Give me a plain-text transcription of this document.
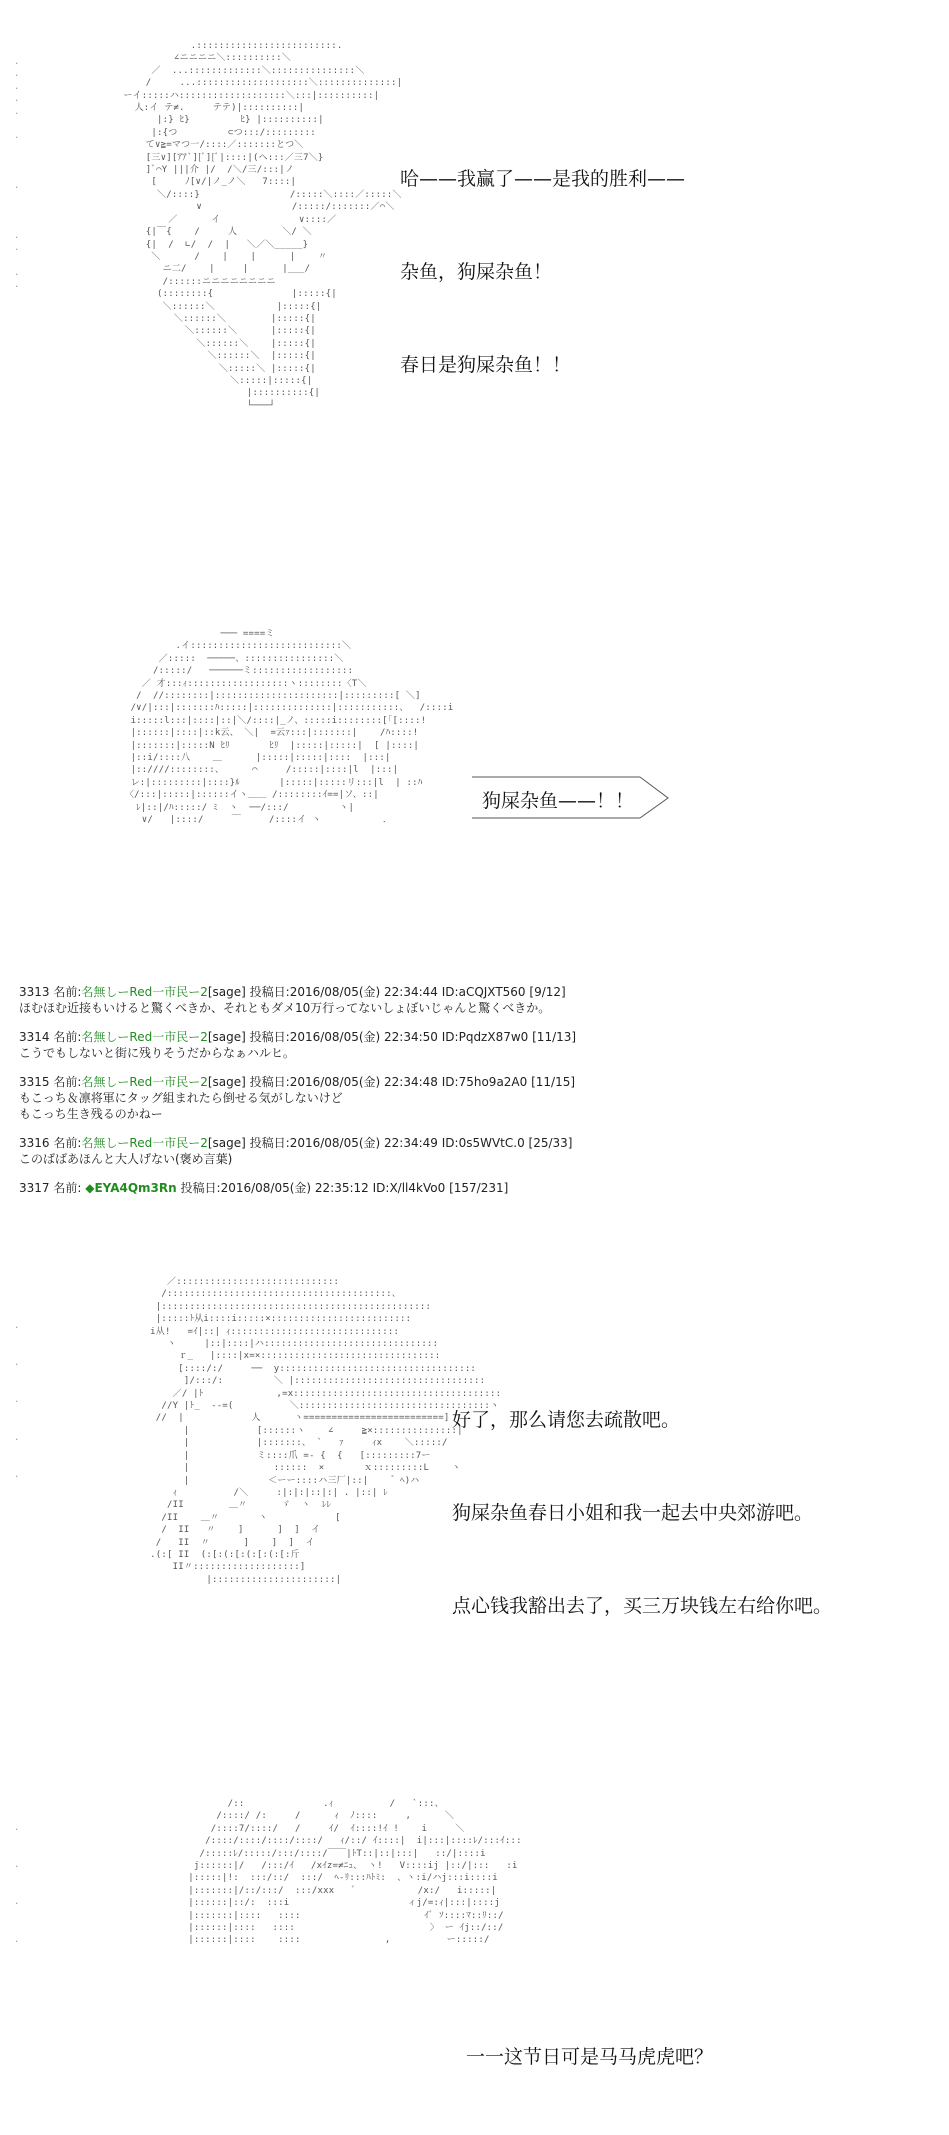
.
.
.
.
.

.

.

.
.

.
.
.:::::::::::::::::::::::::.
∠ニニニニ＼::::::::::＼
／  ...:::::::::::::＼:::::::::::::::＼
/     ...::::::::::::::::::::＼::::::::::::::|
ーイ:::::ハ:::::::::::::::::::＼:::|::::::::::|
人:イ テ≠.     テテ)|::::::::::|
|:} ﾋ}         ﾋ} |::::::::::|
|:{つ         ⊂つ:::/:::::::::
て∨≧=マつ一/::::／:::::::とつ＼
[三∨][ｱｱ`][ﾞ][ﾞ|::::|(ヘ:::／三7＼}
]ﾞ⌒Y |||介 |/  /＼/三/:::|ノ
[     ﾉ[∨/|ノ_ノ＼   7::::|
＼/::::}                /:::::＼::::／:::::＼
∨                /:::::/:::::::／⌒＼
／      イ              ∨::::／
{|￣{    /     人        ＼/ ＼
{|  /  ∟/  /  |   ＼／＼_____}
＼      /    |    |      |    〃
ニ二/    |     |      |___/
/::::::ニニニニニニニニ
(::::::::{              |:::::{|
＼::::::＼           |:::::{|
＼::::::＼        |:::::{|
＼::::::＼      |:::::{|
＼::::::＼    |:::::{|
＼::::::＼  |:::::{|
＼:::::＼ |:::::{|
＼:::::|:::::{|
|::::::::::{|
└───┘

哈——我赢了——是我的胜利——

杂鱼，狗屎杂鱼！

春日是狗屎杂鱼！！

─── ====ミ
.イ:::::::::::::::::::::::::::＼
／:::::  ─────、::::::::::::::::＼
/:::::/   ──────ミ::::::::::::::::::
／ 才:::ｨ::::::::::::::::::ヽ::::::::〈T＼
/  //::::::::|::::::::::::::::::::::|:::::::::[ ＼]
/∨/|:::|:::::::ﾊ:::::|::::::::::::::|:::::::::::、  /::::i
i:::::l:::|::::|::|＼/::::|_ノ、:::::i::::::::[｢[::::!
|::::::|::::|::k云、 ＼|  =云ｧ:::|:::::::|    /ﾊ::::!
|:::::::|:::::N ﾋﾘ       ﾋﾘ  |:::::|:::::|  [ |::::|
|::i/::::八    ＿      |:::::|:::::|::::  |:::|
|::////::::::::、     ⌒     /:::::|::::|l  |:::|
レ:|:::::::::|::::}ﾙ       |:::::|:::::リ:::|l  | ::ﾊ
〈/:::|:::::|::::::イヽ＿＿ /::::::::ｲ==|ソ、::|
ﾚ|::|/ﾊ:::::/ ﾐ  ヽ  ──/:::/         ヽ|
∨/   |::::/     ￣     /::::イ ヽ           ．
狗屎杂鱼——！！
3313 名前:名無しーRed一市民ー2[sage] 投稿日:2016/08/05(金) 22:34:44 ID:aCQJXT560 [9/12]
ほむほむ近接もいけると驚くべきか、それともダメ10万行ってないしょぼいじゃんと驚くべきか。
3314 名前:名無しーRed一市民ー2[sage] 投稿日:2016/08/05(金) 22:34:50 ID:PqdzX87w0 [11/13]
こうでもしないと街に残りそうだからなぁハルヒ。
3315 名前:名無しーRed一市民ー2[sage] 投稿日:2016/08/05(金) 22:34:48 ID:75ho9a2A0 [11/15]
もこっち＆凛将軍にタッグ組まれたら倒せる気がしないけど
もこっち生き残るのかねー
3316 名前:名無しーRed一市民ー2[sage] 投稿日:2016/08/05(金) 22:34:49 ID:0s5WVtC.0 [25/33]
このばばあほんと大人げない(褒め言葉)
3317 名前: ◆EYA4Qm3Rn 投稿日:2016/08/05(金) 22:35:12 ID:X/ll4kVo0 [157/231]
.

.

.

.

.
／:::::::::::::::::::::::::::::
/::::::::::::::::::::::::::::::::::::::::、
|::::::::::::::::::::::::::::::::::::::::::::::::
|:::::ﾄ从i::::i:::::×:::::::::::::::::::::::::
i从!   =ｲ|::| ｨ::::::::::::::::::::::::::::::
ヽ     |::|::::|ハ:::::::::::::::::::::::::::::::
ｒ_   |::::|x=×::::::::::::::::::::::::::::::::
[::::/:/     ──  y:::::::::::::::::::::::::::::::::::
]/:::/:         ＼ |::::::::::::::::::::::::::::::::::
／/ |ﾄ             ,=x:::::::::::::::::::::::::::::::::::::
//Y |ﾄ_  --=(          ＼::::::::::::::::::::::::::::::::::ヽ
//  |            人      ヽ=========================]
|            [::::::ヽ    ∠     ≧×:::::::::::::::|
|            |:::::::、 `   ｧ     ｨx    ＼:::::/
|            ミ::::爪 =- {  {   [:::::::::7ー
|               ::::::  ×       ｘ:::::::::L    ヽ
|              ＜ーー::::ハ三厂|::|    ゛ﾍ)ハ
ｨ          /＼     :|:|:|::|:| . |::| ﾚ
/II        ＿〃      ゞ  ヽ  ﾚﾚ
/II    ＿〃       ヽ            [
/  II   〃    ]      ]  ]  イ
/   II  〃      ]    ]  ]  イ
.(:[ II  (:[:(:[:(:[:(:[:斤
II〃:::::::::::::::::::]
|::::::::::::::::::::::|

好了，那么请您去疏散吧。

狗屎杂鱼春日小姐和我一起去中央郊游吧。

点心钱我豁出去了，买三万块钱左右给你吧。

.

.

.

.
/::              .ｨ          /   `:::、
/::::/ /:     /      ｨ  ﾉ::::     ,      ＼
/::::7/::::/   /     ｲ/  ｲ::::!ｲ !    i     ＼
/::::/::::/::::/::::/   ｨ/::/ ｲ::::|  i|:::|::::ﾚ/:::ｲ:::
/:::::ﾚ/:::::/:::/::::/￣￣|ﾄT::|::|:::|   ::/|::::i
j::::::|/   /:::/ｲ   /xｲz=≠ﾆｭ、 ヽ!   V::::ij |::/|:::   :i
|:::::|!:  :::/::/  :::/  ﾍ‐ﾘ:::ﾊﾄﾐ:  、ヽ:i/ハj:::i::::i
|:::::::|/::/:::/  :::/xxx   ﾞ           /x:/   i:::::|
|::::::|::/:  :::i                     ィj/=:ｨ|:::|::::j
|:::::::|::::   ::::                      ｲﾞ ｿ::::ﾏ::ﾘ::/
|::::::|::::   ::::                        〉 ー ｲj::/::/
|::::::|::::    ::::               ,          ー:::::/

一一这节日可是马马虎虎吧？
